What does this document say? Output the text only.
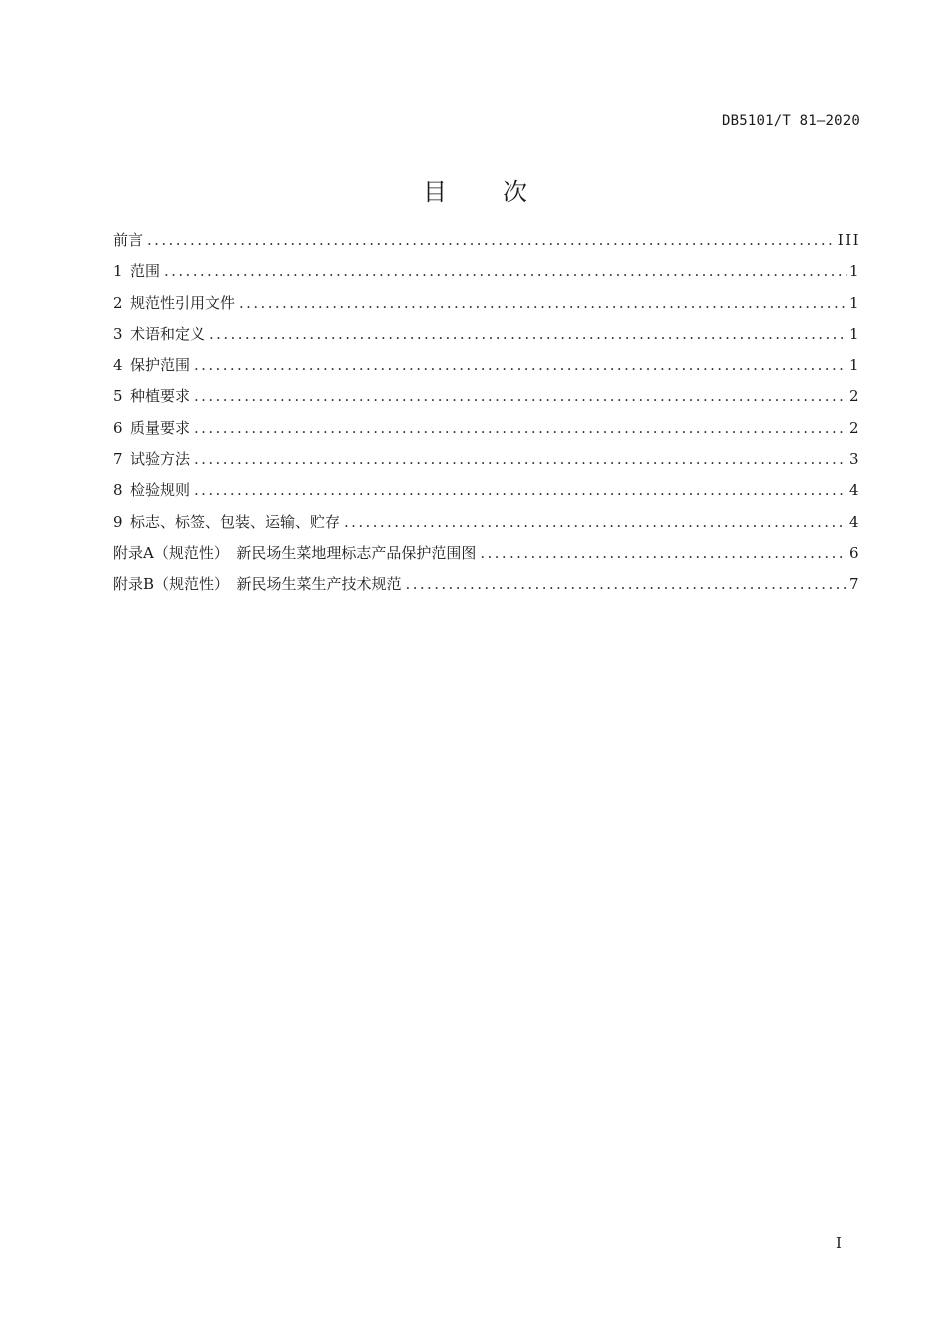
DB5101/T 81—2020
目 次
前言 .....	III
1 范围 .....	1
2 规范性引用文件 .....	1
3 术语和定义 .....	1
4 保护范围 .....	1
5 种植要求 .....	2
6 质量要求 .....	2
7 试验方法 .....	3
8 检验规则 .....	4
9 标志、标签、包装、运输、贮存 .....	4
附录A（规范性）　新民场生菜地理标志产品保护范围图 .....	6
附录B（规范性）　新民场生菜生产技术规范 .....	7
I
